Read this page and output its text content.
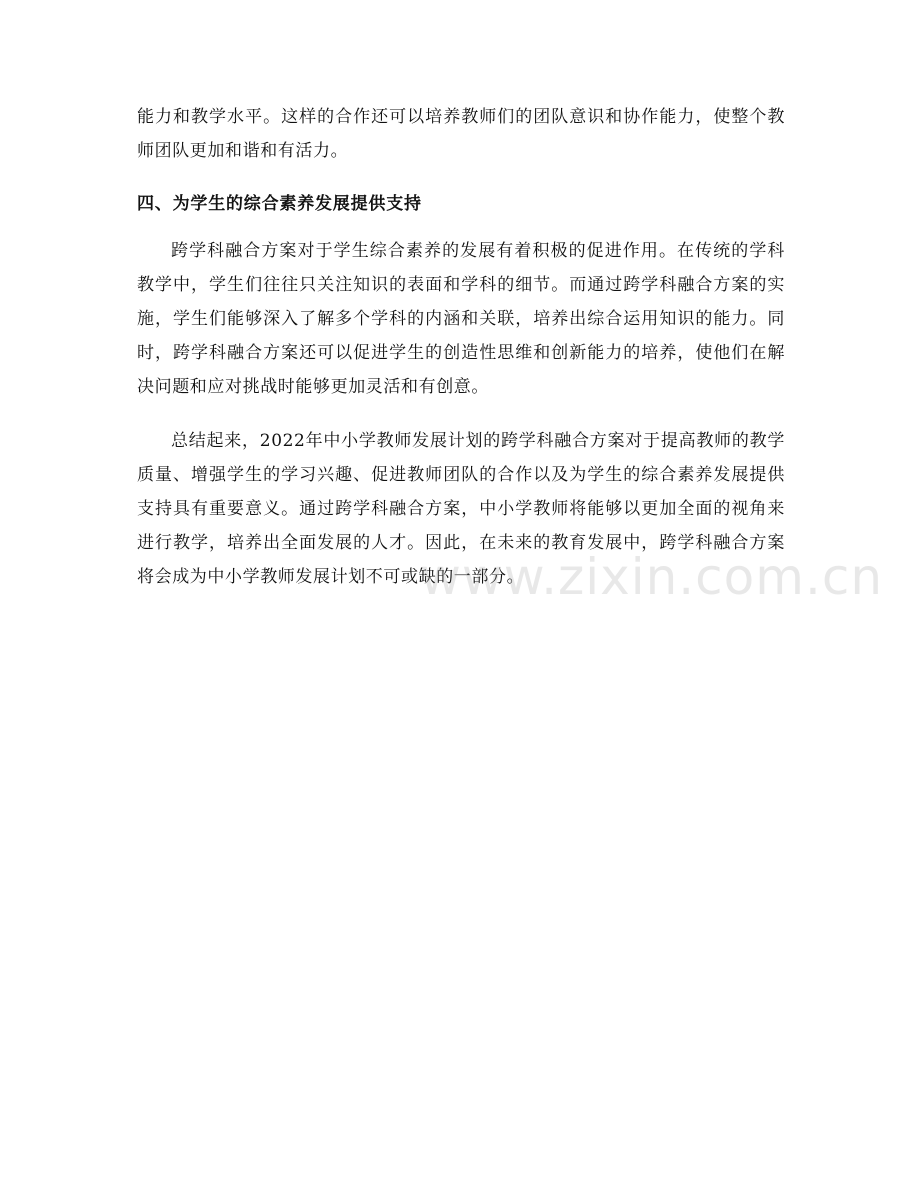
能力和教学水平。这样的合作还可以培养教师们的团队意识和协作能力，使整个教师团队更加和谐和有活力。

四、为学生的综合素养发展提供支持

跨学科融合方案对于学生综合素养的发展有着积极的促进作用。在传统的学科教学中，学生们往往只关注知识的表面和学科的细节。而通过跨学科融合方案的实施，学生们能够深入了解多个学科的内涵和关联，培养出综合运用知识的能力。同时，跨学科融合方案还可以促进学生的创造性思维和创新能力的培养，使他们在解决问题和应对挑战时能够更加灵活和有创意。

总结起来，2022年中小学教师发展计划的跨学科融合方案对于提高教师的教学质量、增强学生的学习兴趣、促进教师团队的合作以及为学生的综合素养发展提供支持具有重要意义。通过跨学科融合方案，中小学教师将能够以更加全面的视角来进行教学，培养出全面发展的人才。因此，在未来的教育发展中，跨学科融合方案将会成为中小学教师发展计划不可或缺的一部分。

www.zixin.com.cn
